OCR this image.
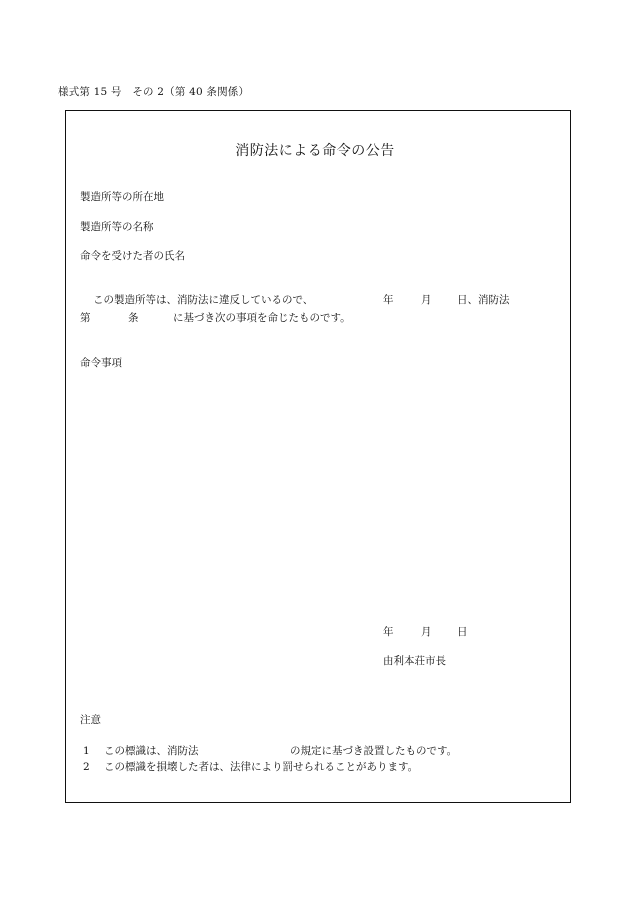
様式第 15 号　その 2（第 40 条関係）
消防法による命令の公告
製造所等の所在地
製造所等の名称
命令を受けた者の氏名
この製造所等は、消防法に違反しているので、	年	月 日、消防法
第	条	に基づき次の事項を命じたものです。
命令事項
年	月 日
由利本荘市長
注意
1 この標識は、消防法	の規定に基づき設置したものです。
2 この標識を損壊した者は、法律により罰せられることがあります。
